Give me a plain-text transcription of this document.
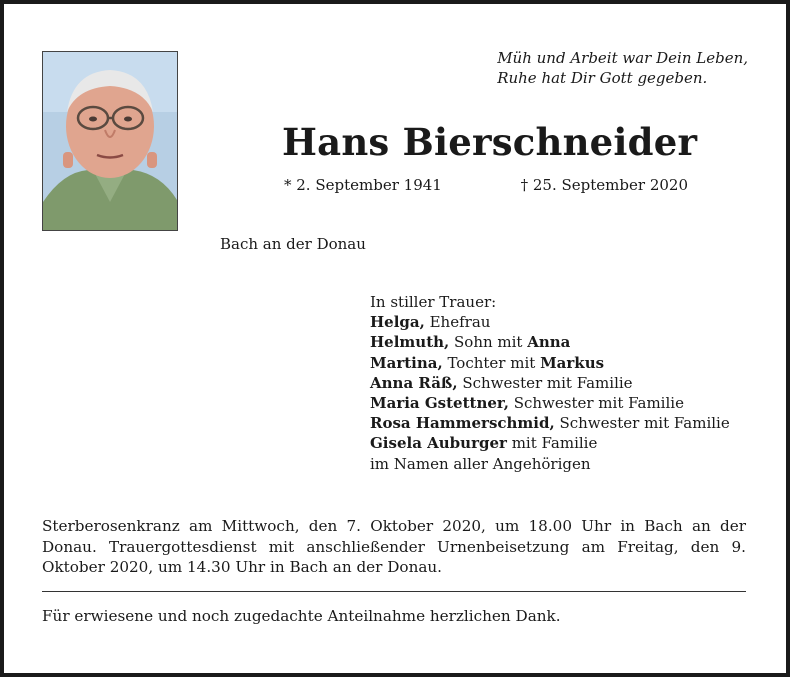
Müh und Arbeit war Dein Leben,
Ruhe hat Dir Gott gegeben.
Hans Bierschneider
* 2. September 1941	† 25. September 2020
Bach an der Donau
In stiller Trauer:
Helga, Ehefrau
Helmuth, Sohn mit Anna
Martina, Tochter mit Markus
Anna Räß, Schwester mit Familie
Maria Gstettner, Schwester mit Familie
Rosa Hammerschmid, Schwester mit Familie
Gisela Auburger mit Familie
im Namen aller Angehörigen
Sterberosenkranz am Mittwoch, den 7. Oktober 2020, um 18.00 Uhr in Bach an der Donau. Trauergottesdienst mit anschließender Urnenbeisetzung am Freitag, den 9. Oktober 2020, um 14.30 Uhr in Bach an der Donau.
Für erwiesene und noch zugedachte Anteilnahme herzlichen Dank.
